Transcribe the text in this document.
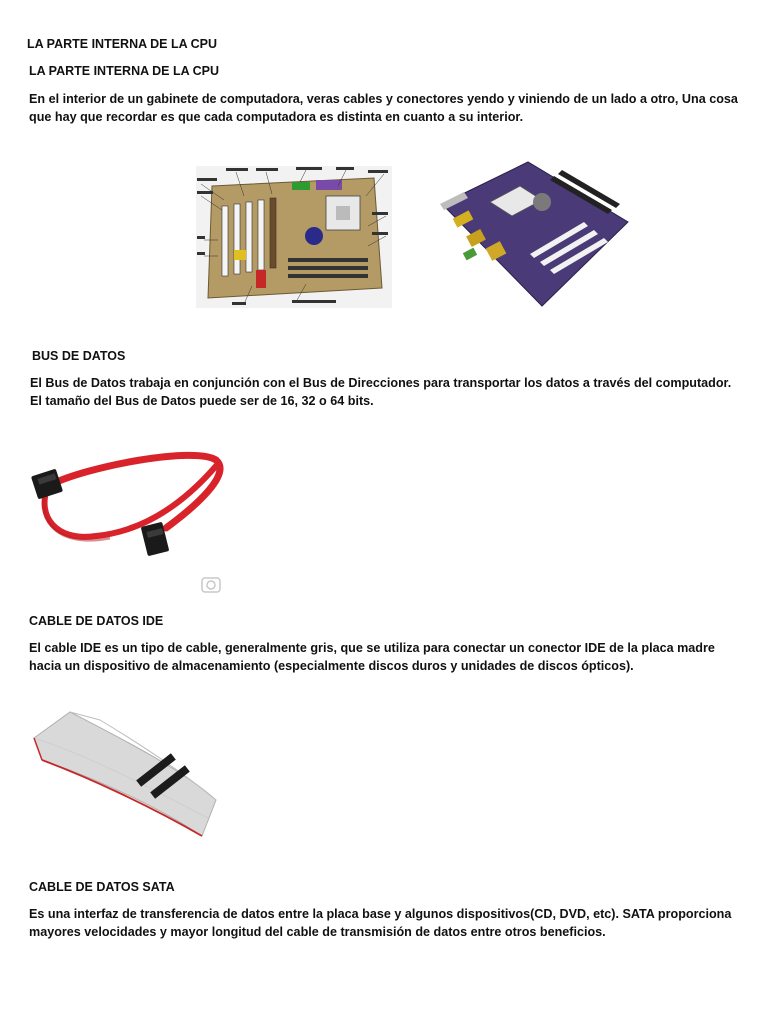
LA PARTE INTERNA DE LA CPU

LA PARTE INTERNA DE LA CPU

En el interior de un gabinete de computadora, veras cables y conectores yendo y viniendo de un lado a otro, Una cosa que hay que recordar es que cada computadora es distinta en cuanto a su interior.

BUS DE DATOS

El Bus de Datos trabaja en conjunción con el Bus de Direcciones para transportar los datos a través del computador. El tamaño del Bus de Datos puede ser de 16, 32 o 64 bits.

CABLE DE DATOS IDE

El cable IDE es un tipo de cable, generalmente gris, que se utiliza para conectar un conector IDE de la placa madre hacia un dispositivo de almacenamiento (especialmente discos duros y unidades de discos ópticos).

CABLE DE DATOS SATA

Es una interfaz de transferencia de datos entre la placa base y algunos dispositivos(CD, DVD, etc). SATA proporciona mayores velocidades y mayor longitud del cable de transmisión de datos entre otros beneficios.
